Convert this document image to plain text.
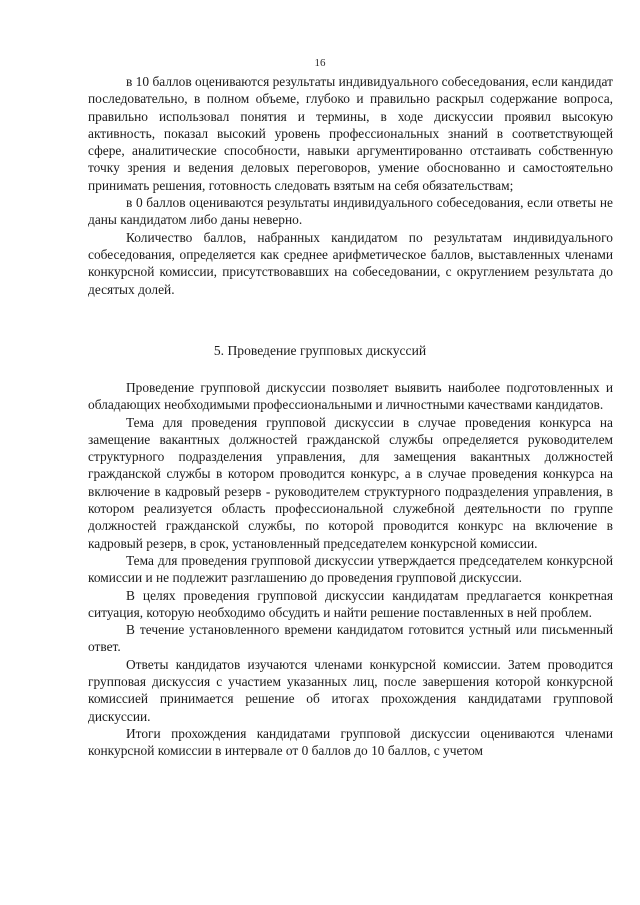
16

в 10 баллов оцениваются результаты индивидуального собеседования, если кандидат последовательно, в полном объеме, глубоко и правильно раскрыл содержание вопроса, правильно использовал понятия и термины, в ходе дискуссии проявил высокую активность, показал высокий уровень профессиональных знаний в соответствующей сфере, аналитические способности, навыки аргументированно отстаивать собственную точку зрения и ведения деловых переговоров, умение обоснованно и самостоятельно принимать решения, готовность следовать взятым на себя обязательствам;

в 0 баллов оцениваются результаты индивидуального собеседования, если ответы не даны кандидатом либо даны неверно.

Количество баллов, набранных кандидатом по результатам индивидуального собеседования, определяется как среднее арифметическое баллов, выставленных членами конкурсной комиссии, присутствовавших на собеседовании, с округлением результата до десятых долей.

5. Проведение групповых дискуссий

Проведение групповой дискуссии позволяет выявить наиболее подготовленных и обладающих необходимыми профессиональными и личностными качествами кандидатов.

Тема для проведения групповой дискуссии в случае проведения конкурса на замещение вакантных должностей гражданской службы определяется руководителем структурного подразделения управления, для замещения вакантных должностей гражданской службы в котором проводится конкурс, а в случае проведения конкурса на включение в кадровый резерв - руководителем структурного подразделения управления, в котором реализуется область профессиональной служебной деятельности по группе должностей гражданской службы, по которой проводится конкурс на включение в кадровый резерв, в срок, установленный председателем конкурсной комиссии.

Тема для проведения групповой дискуссии утверждается председателем конкурсной комиссии и не подлежит разглашению до проведения групповой дискуссии.

В целях проведения групповой дискуссии кандидатам предлагается конкретная ситуация, которую необходимо обсудить и найти решение поставленных в ней проблем.

В течение установленного времени кандидатом готовится устный или письменный ответ.

Ответы кандидатов изучаются членами конкурсной комиссии. Затем проводится групповая дискуссия с участием указанных лиц, после завершения которой конкурсной комиссией принимается решение об итогах прохождения кандидатами групповой дискуссии.

Итоги прохождения кандидатами групповой дискуссии оцениваются членами конкурсной комиссии в интервале от 0 баллов до 10 баллов, с учетом
